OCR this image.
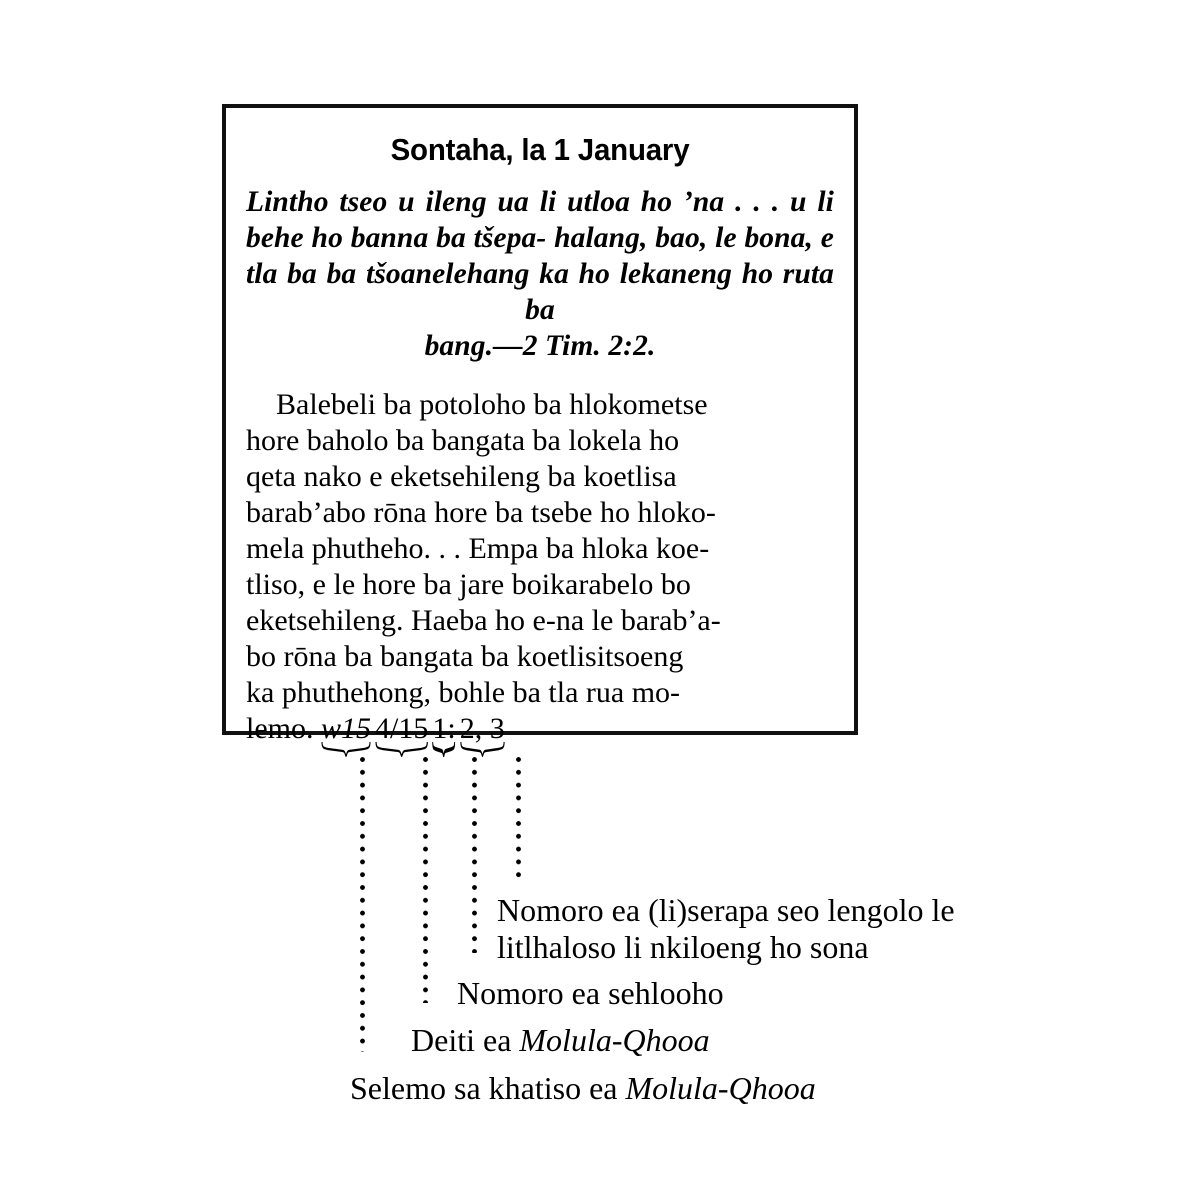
Sontaha, la 1 January
Lintho tseo u ileng ua li utloa ho ’na . . . u li behe ho banna ba tšepa- halang, bao, le bona, e tla ba ba tšoanelehang ka ho lekaneng ho ruta ba
bang.—2 Tim. 2:2.
Balebeli ba potoloho ba hlokometse
hore baholo ba bangata ba lokela ho
qeta nako e eketsehileng ba koetlisa
barab’abo rōna hore ba tsebe ho hloko-
mela phutheho. . . Empa ba hloka koe-
tliso, e le hore ba jare boikarabelo bo
eketsehileng. Haeba ho e-na le barab’a-
bo rōna ba bangata ba koetlisitsoeng
ka phuthehong, bohle ba tla rua mo-
lemo. w15 4/15 1: 2, 3
Nomoro ea (li)serapa seo lengolo le
litlhaloso li nkiloeng ho sona
Nomoro ea sehlooho
Deiti ea Molula-Qhooa
Selemo sa khatiso ea Molula-Qhooa
